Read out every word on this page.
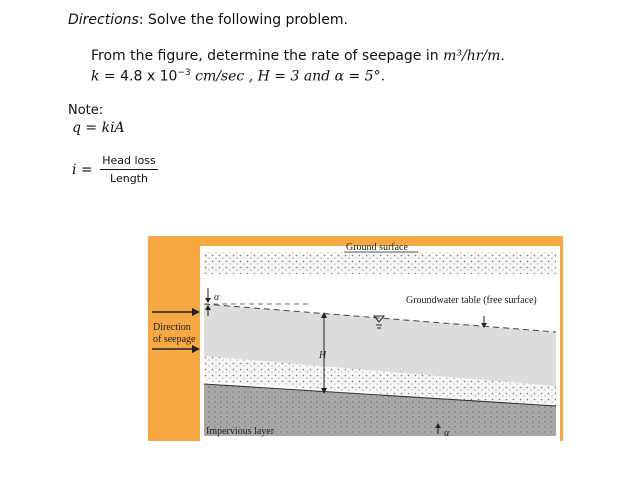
Directions: Solve the following problem.
From the figure, determine the rate of seepage in m³/hr/m.
k = 4.8 x $10^{-3}$ cm/sec , H = 3 and α = 5°.
Note:
q = kiA
i =
Head loss
Length
α
H
α
Ground surface
Groundwater table (free surface)
Direction
of seepage
Impervious layer
